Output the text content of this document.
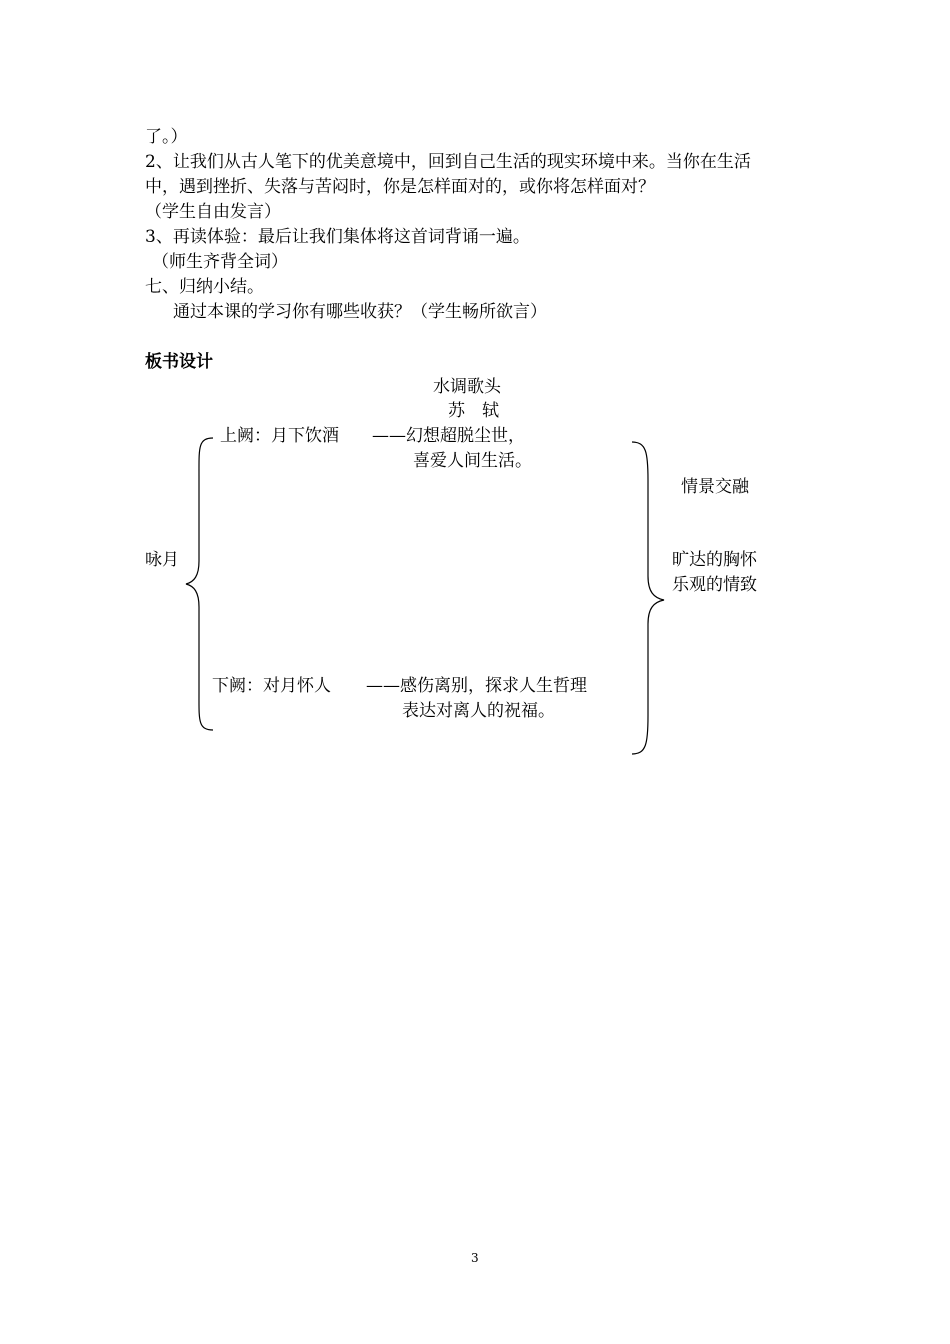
了。）
2、让我们从古人笔下的优美意境中，回到自己生活的现实环境中来。当你在生活
中，遇到挫折、失落与苦闷时，你是怎样面对的，或你将怎样面对？
（学生自由发言）
3、再读体验：最后让我们集体将这首词背诵一遍。
（师生齐背全词）
七、归纳小结。
通过本课的学习你有哪些收获？（学生畅所欲言）
板书设计
水调歌头
苏　轼
上阙：月下饮酒 ——幻想超脱尘世，
喜爱人间生活。
咏月
下阙：对月怀人 ——感伤离别，探求人生哲理
表达对离人的祝福。
情景交融
旷达的胸怀
乐观的情致
3
